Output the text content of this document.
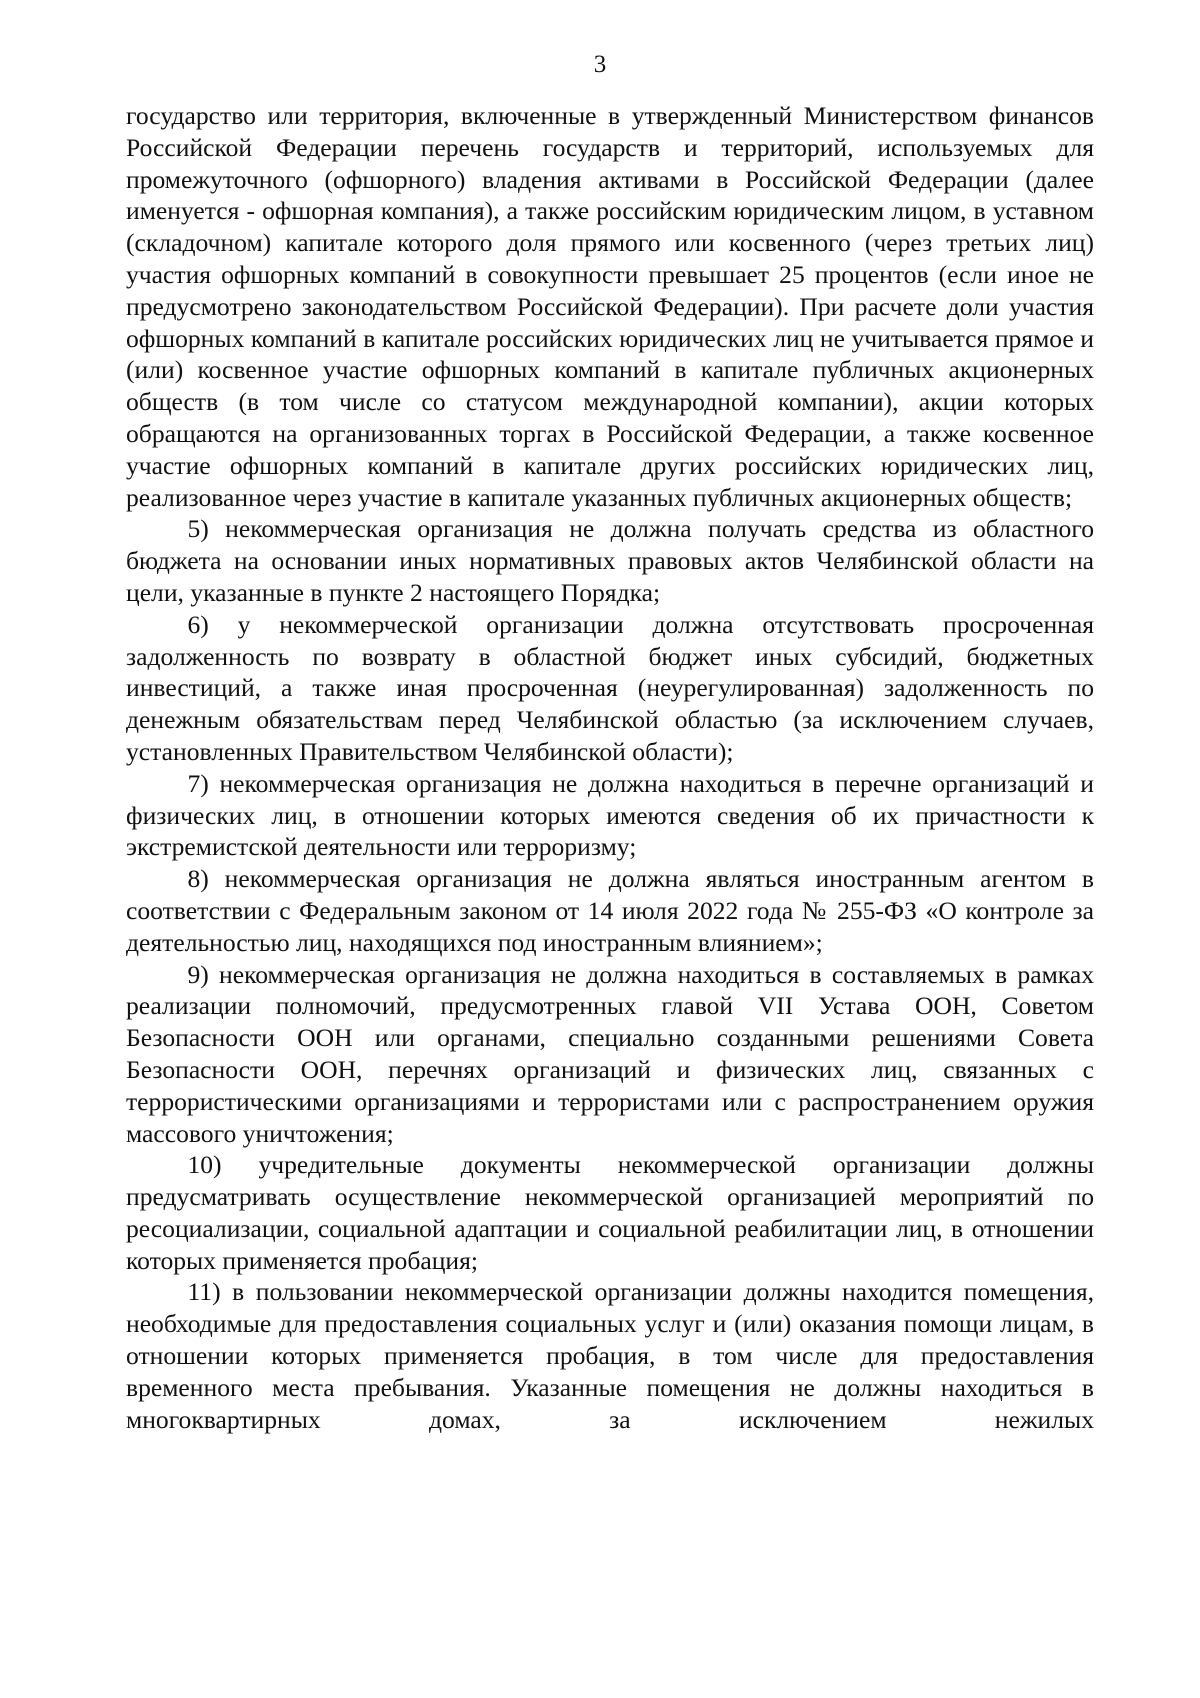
3

государство или территория, включенные в утвержденный Министерством финансов Российской Федерации перечень государств и территорий, используемых для промежуточного (офшорного) владения активами в Российской Федерации (далее именуется - офшорная компания), а также российским юридическим лицом, в уставном (складочном) капитале которого доля прямого или косвенного (через третьих лиц) участия офшорных компаний в совокупности превышает 25 процентов (если иное не предусмотрено законодательством Российской Федерации). При расчете доли участия офшорных компаний в капитале российских юридических лиц не учитывается прямое и (или) косвенное участие офшорных компаний в капитале публичных акционерных обществ (в том числе со статусом международной компании), акции которых обращаются на организованных торгах в Российской Федерации, а также косвенное участие офшорных компаний в капитале других российских юридических лиц, реализованное через участие в капитале указанных публичных акционерных обществ;

5) некоммерческая организация не должна получать средства из областного бюджета на основании иных нормативных правовых актов Челябинской области на цели, указанные в пункте 2 настоящего Порядка;

6) у некоммерческой организации должна отсутствовать просроченная задолженность по возврату в областной бюджет иных субсидий, бюджетных инвестиций, а также иная просроченная (неурегулированная) задолженность по денежным обязательствам перед Челябинской областью (за исключением случаев, установленных Правительством Челябинской области);

7) некоммерческая организация не должна находиться в перечне организаций и физических лиц, в отношении которых имеются сведения об их причастности к экстремистской деятельности или терроризму;

8) некоммерческая организация не должна являться иностранным агентом в соответствии с Федеральным законом от 14 июля 2022 года № 255-ФЗ «О контроле за деятельностью лиц, находящихся под иностранным влиянием»;

9) некоммерческая организация не должна находиться в составляемых в рамках реализации полномочий, предусмотренных главой VII Устава ООН, Советом Безопасности ООН или органами, специально созданными решениями Совета Безопасности ООН, перечнях организаций и физических лиц, связанных с террористическими организациями и террористами или с распространением оружия массового уничтожения;

10) учредительные документы некоммерческой организации должны предусматривать осуществление некоммерческой организацией мероприятий по ресоциализации, социальной адаптации и социальной реабилитации лиц, в отношении которых применяется пробация;

11) в пользовании некоммерческой организации должны находится помещения, необходимые для предоставления социальных услуг и (или) оказания помощи лицам, в отношении которых применяется пробация, в том числе для предоставления временного места пребывания. Указанные помещения не должны находиться в многоквартирных домах, за исключением нежилых
